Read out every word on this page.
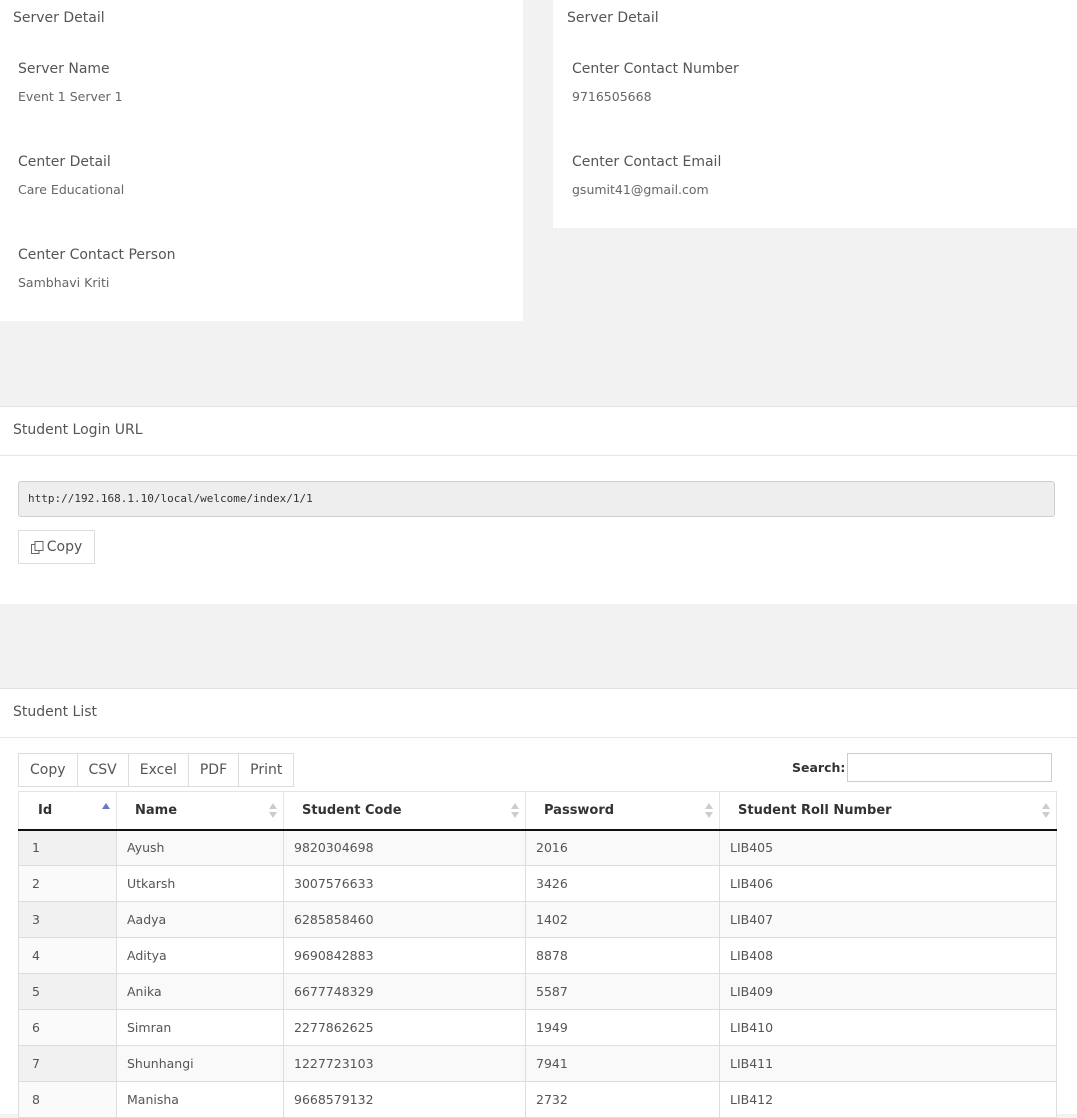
Server Detail
Server Name
Event 1 Server 1
Center Detail
Care Educational
Center Contact Person
Sambhavi Kriti
Server Detail
Center Contact Number
9716505668
Center Contact Email
gsumit41@gmail.com
Student Login URL
http://192.168.1.10/local/welcome/index/1/1
Copy
Student List
Copy	CSV	Excel	PDF	Print	Search:
Id	Name	Student Code	Password	Student Roll Number

1	Ayush	9820304698	2016	LIB405
2	Utkarsh	3007576633	3426	LIB406
3	Aadya	6285858460	1402	LIB407
4	Aditya	9690842883	8878	LIB408
5	Anika	6677748329	5587	LIB409
6	Simran	2277862625	1949	LIB410
7	Shunhangi	1227723103	7941	LIB411
8	Manisha	9668579132	2732	LIB412
